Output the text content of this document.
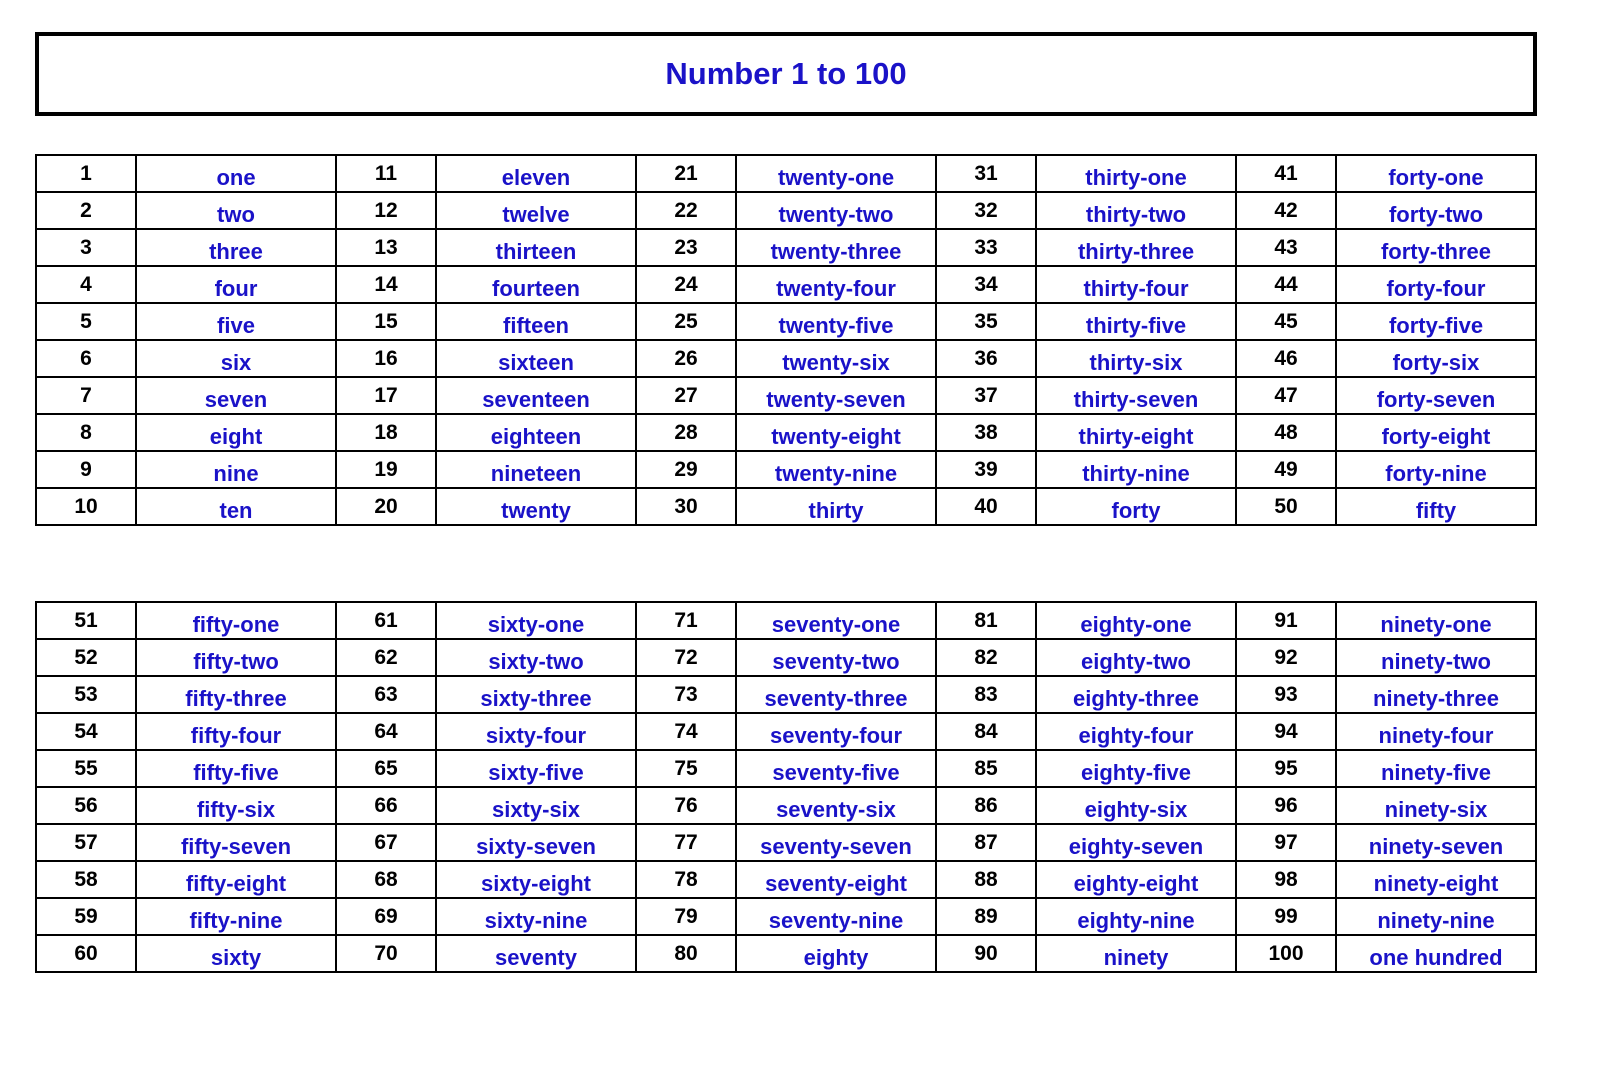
Number 1 to 100
1	one	11	eleven	21	twenty-one	31	thirty-one	41	forty-one
2	two	12	twelve	22	twenty-two	32	thirty-two	42	forty-two
3	three	13	thirteen	23	twenty-three	33	thirty-three	43	forty-three
4	four	14	fourteen	24	twenty-four	34	thirty-four	44	forty-four
5	five	15	fifteen	25	twenty-five	35	thirty-five	45	forty-five
6	six	16	sixteen	26	twenty-six	36	thirty-six	46	forty-six
7	seven	17	seventeen	27	twenty-seven	37	thirty-seven	47	forty-seven
8	eight	18	eighteen	28	twenty-eight	38	thirty-eight	48	forty-eight
9	nine	19	nineteen	29	twenty-nine	39	thirty-nine	49	forty-nine
10	ten	20	twenty	30	thirty	40	forty	50	fifty
51	fifty-one	61	sixty-one	71	seventy-one	81	eighty-one	91	ninety-one
52	fifty-two	62	sixty-two	72	seventy-two	82	eighty-two	92	ninety-two
53	fifty-three	63	sixty-three	73	seventy-three	83	eighty-three	93	ninety-three
54	fifty-four	64	sixty-four	74	seventy-four	84	eighty-four	94	ninety-four
55	fifty-five	65	sixty-five	75	seventy-five	85	eighty-five	95	ninety-five
56	fifty-six	66	sixty-six	76	seventy-six	86	eighty-six	96	ninety-six
57	fifty-seven	67	sixty-seven	77	seventy-seven	87	eighty-seven	97	ninety-seven
58	fifty-eight	68	sixty-eight	78	seventy-eight	88	eighty-eight	98	ninety-eight
59	fifty-nine	69	sixty-nine	79	seventy-nine	89	eighty-nine	99	ninety-nine
60	sixty	70	seventy	80	eighty	90	ninety	100	one hundred
